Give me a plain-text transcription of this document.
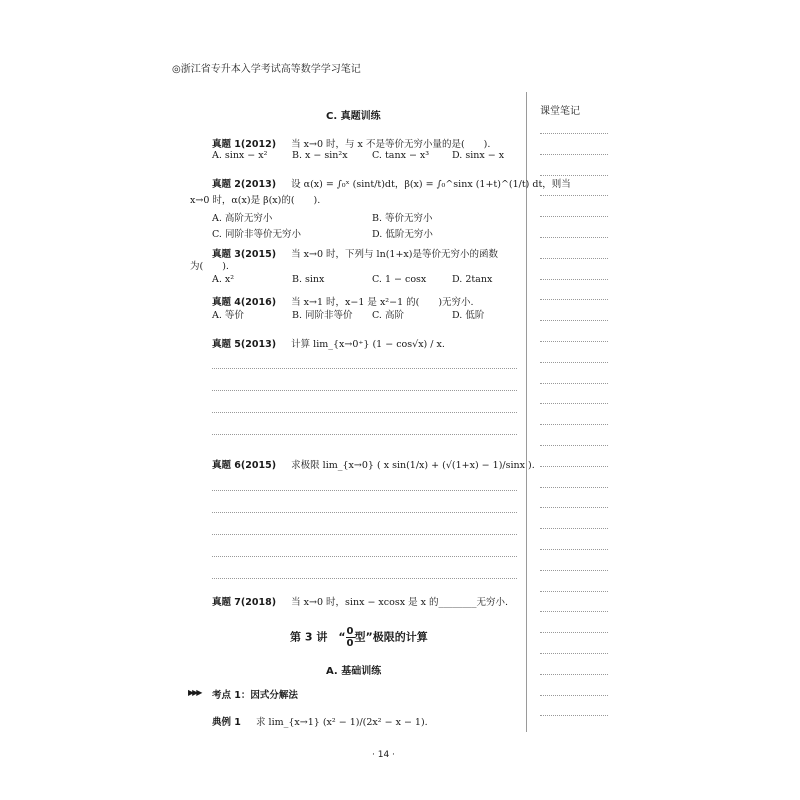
◎浙江省专升本入学考试高等数学学习笔记
课堂笔记
C. 真题训练
真题 1(2012) 当 x→0 时，与 x 不是等价无穷小量的是(　　).
A. sinx − x²	B. x − sin²x	C. tanx − x³ D. sinx − x
真题 2(2013) 设 α(x) = ∫₀ˣ (sint/t)dt，β(x) = ∫₀^sinx (1+t)^(1/t) dt，则当
x→0 时，α(x)是 β(x)的(　　).
A. 高阶无穷小	B. 等价无穷小
C. 同阶非等价无穷小	D. 低阶无穷小
真题 3(2015) 当 x→0 时，下列与 ln(1+x)是等价无穷小的函数
为(　　).
A. x²	B. sinx	C. 1 − cosx	D. 2tanx
真题 4(2016) 当 x→1 时，x−1 是 x²−1 的(　　)无穷小.
A. 等价	B. 同阶非等价 C. 高阶	D. 低阶
真题 5(2013) 计算 lim_{x→0⁺} (1 − cos√x) / x.
真题 6(2015) 求极限 lim_{x→0} ( x sin(1/x) + (√(1+x) − 1)/sinx ).
真题 7(2018) 当 x→0 时，sinx − xcosx 是 x 的________无穷小.
第 3 讲　“ $\frac{0}{0}$ 型”极限的计算
A. 基础训练
▶▶▶ 考点 1：因式分解法
典例 1 求 lim_{x→1} (x² − 1)/(2x² − x − 1).
· 14 ·
